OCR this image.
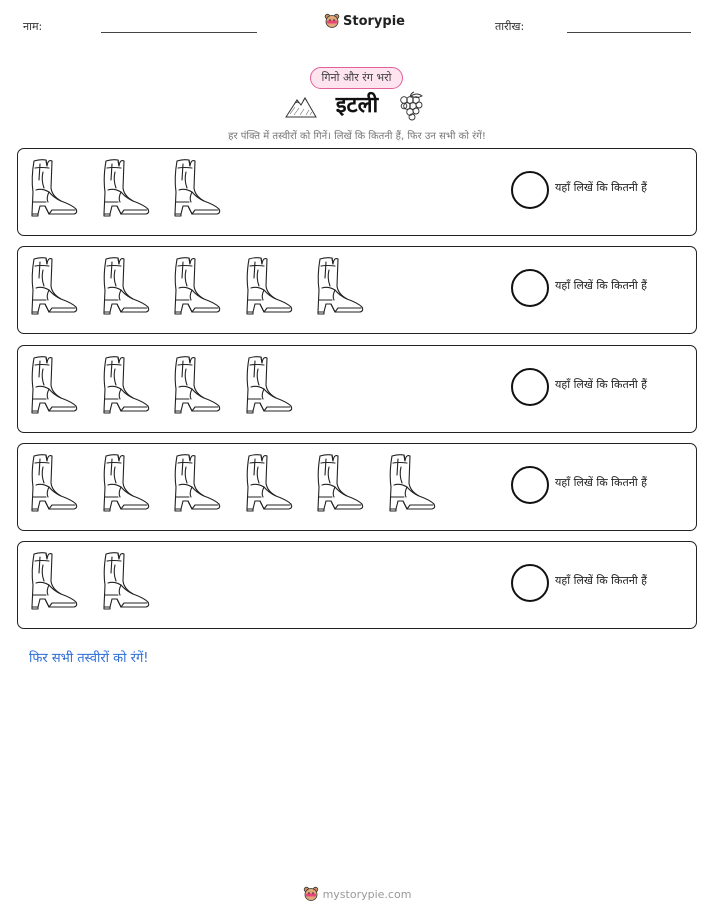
नाम:	Storypie	तारीख:
गिनो और रंग भरो
इटली
हर पंक्ति में तस्वीरों को गिनें। लिखें कि कितनी हैं, फिर उन सभी को रंगें!
यहाँ लिखें कि कितनी हैं
यहाँ लिखें कि कितनी हैं
यहाँ लिखें कि कितनी हैं
यहाँ लिखें कि कितनी हैं
यहाँ लिखें कि कितनी हैं
फिर सभी तस्वीरों को रंगें!
mystorypie.com
